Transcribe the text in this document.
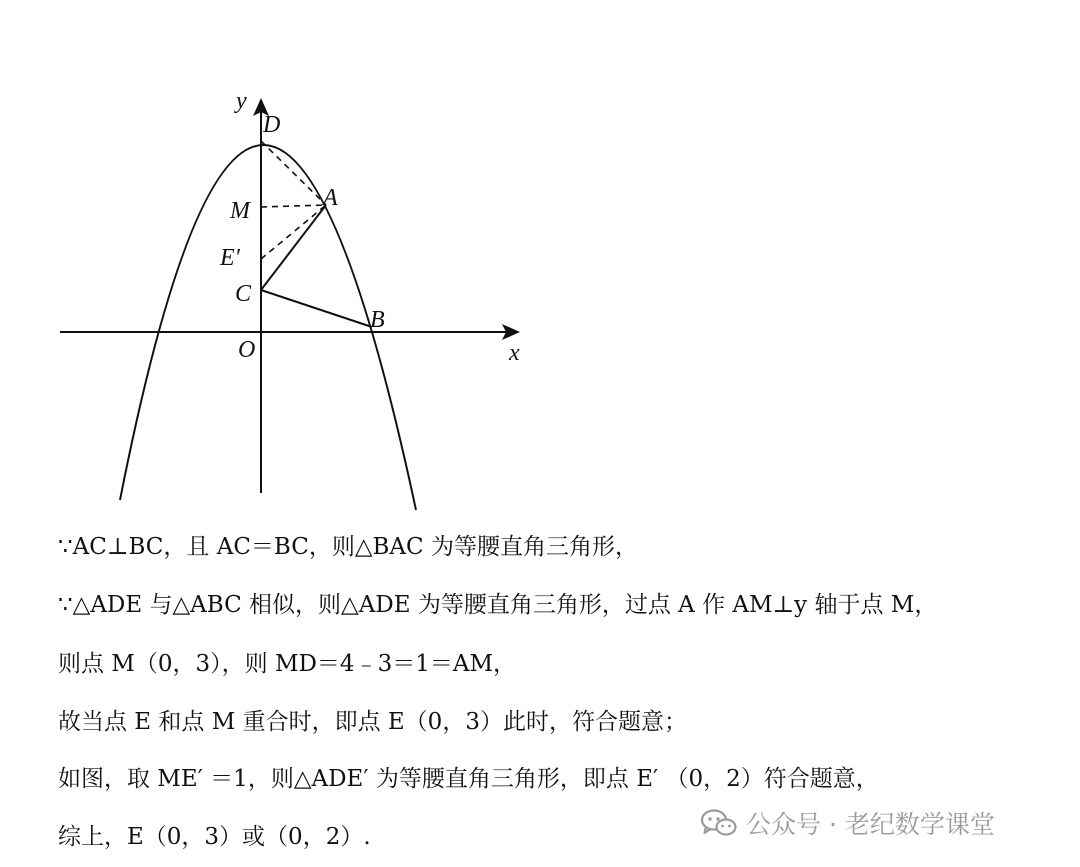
y
D
A
M
E′
C
B
O	x
∵AC⊥BC，且 AC＝BC，则△BAC 为等腰直角三角形，
∵△ADE 与△ABC 相似，则△ADE 为等腰直角三角形，过点 A 作 AM⊥y 轴于点 M，
则点 M（0，3），则 MD＝4﹣3＝1＝AM，
故当点 E 和点 M 重合时，即点 E（0，3）此时，符合题意；
如图，取 ME′ ＝1，则△ADE′ 为等腰直角三角形，即点 E′ （0，2）符合题意，
综上，E（0，3）或（0，2）.	公众号 · 老纪数学课堂
